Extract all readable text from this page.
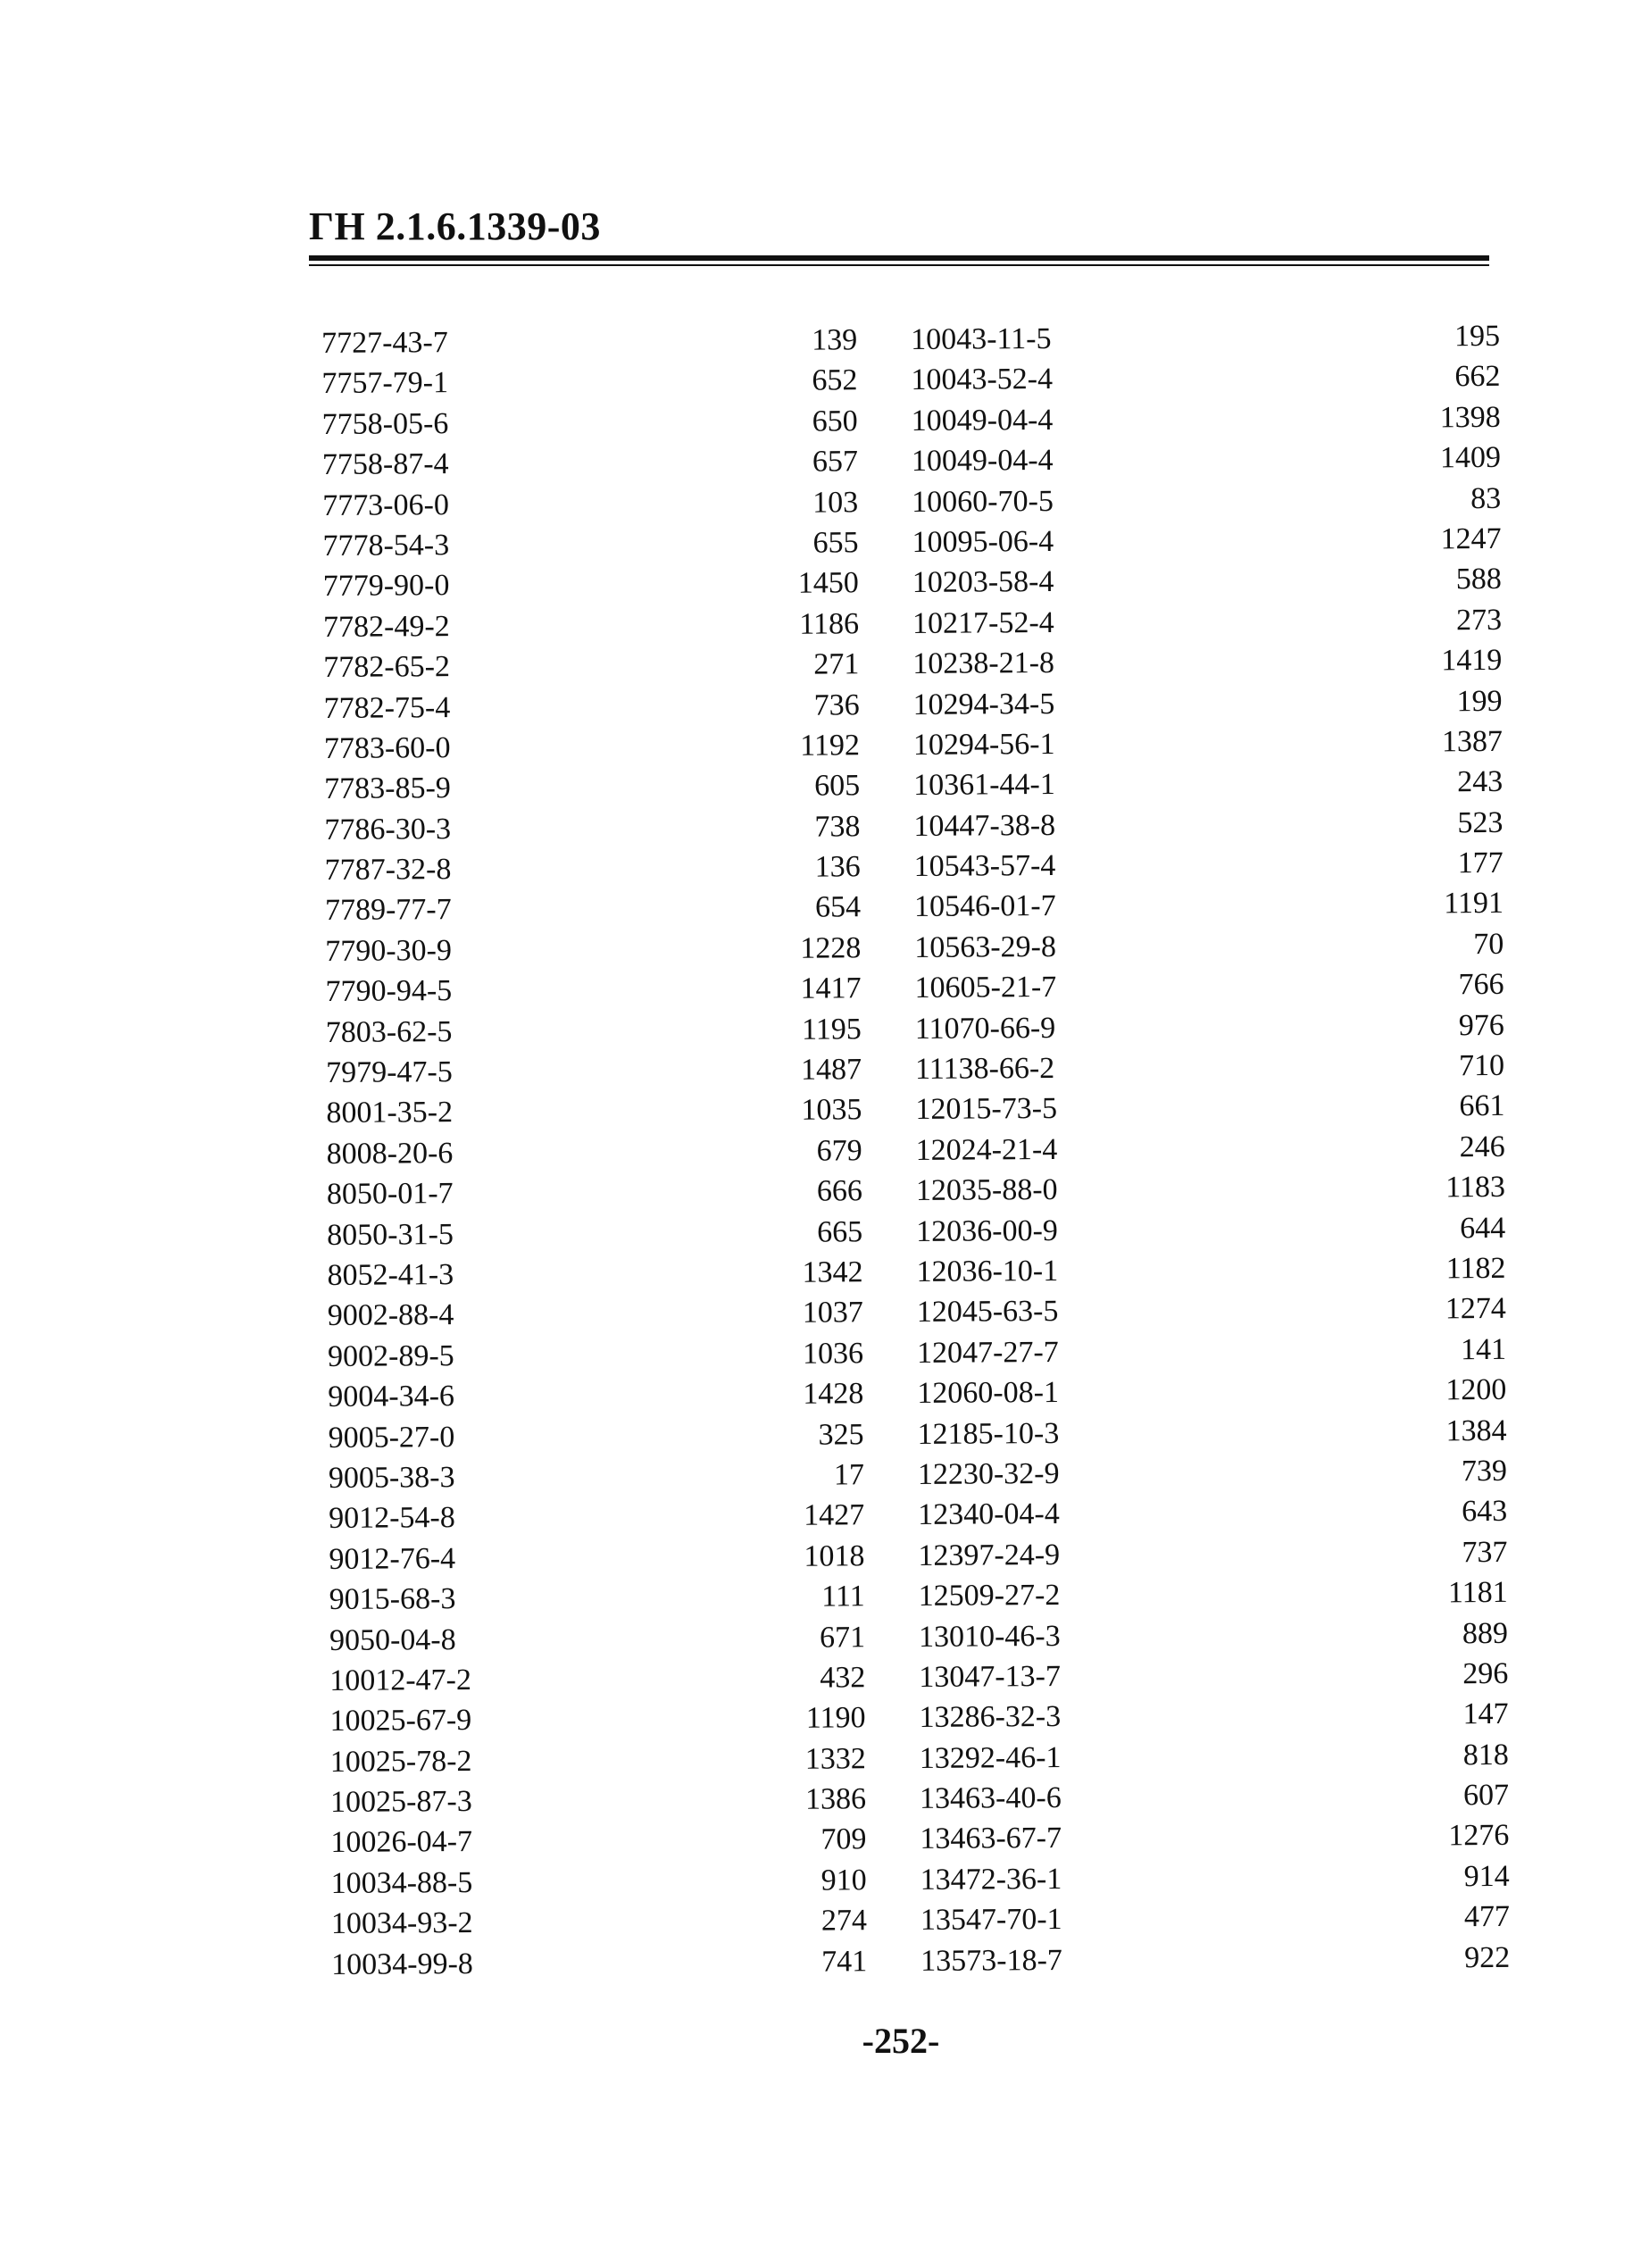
ГН 2.1.6.1339-03
7727-43-7	139 10043-11-5	195
7757-79-1	652 10043-52-4	662
7758-05-6	650 10049-04-4	1398
7758-87-4	657 10049-04-4	1409
7773-06-0	103 10060-70-5	83
7778-54-3	655 10095-06-4	1247
7779-90-0	1450 10203-58-4	588
7782-49-2	1186 10217-52-4	273
7782-65-2	271 10238-21-8	1419
7782-75-4	736 10294-34-5	199
7783-60-0	1192 10294-56-1	1387
7783-85-9	605 10361-44-1	243
7786-30-3	738 10447-38-8	523
7787-32-8	136 10543-57-4	177
7789-77-7	654 10546-01-7	1191
7790-30-9	1228 10563-29-8	70
7790-94-5	1417 10605-21-7	766
7803-62-5	1195 11070-66-9	976
7979-47-5	1487 11138-66-2	710
8001-35-2	1035 12015-73-5	661
8008-20-6	679 12024-21-4	246
8050-01-7	666 12035-88-0	1183
8050-31-5	665 12036-00-9	644
8052-41-3	1342 12036-10-1	1182
9002-88-4	1037 12045-63-5	1274
9002-89-5	1036 12047-27-7	141
9004-34-6	1428 12060-08-1	1200
9005-27-0	325 12185-10-3	1384
9005-38-3	17 12230-32-9	739
9012-54-8	1427 12340-04-4	643
9012-76-4	1018 12397-24-9	737
9015-68-3	111 12509-27-2	1181
9050-04-8	671 13010-46-3	889
10012-47-2	432 13047-13-7	296
10025-67-9	1190 13286-32-3	147
10025-78-2	1332 13292-46-1	818
10025-87-3	1386 13463-40-6	607
10026-04-7	709 13463-67-7	1276
10034-88-5	910 13472-36-1	914
10034-93-2	274 13547-70-1	477
10034-99-8	741 13573-18-7	922
-252-
